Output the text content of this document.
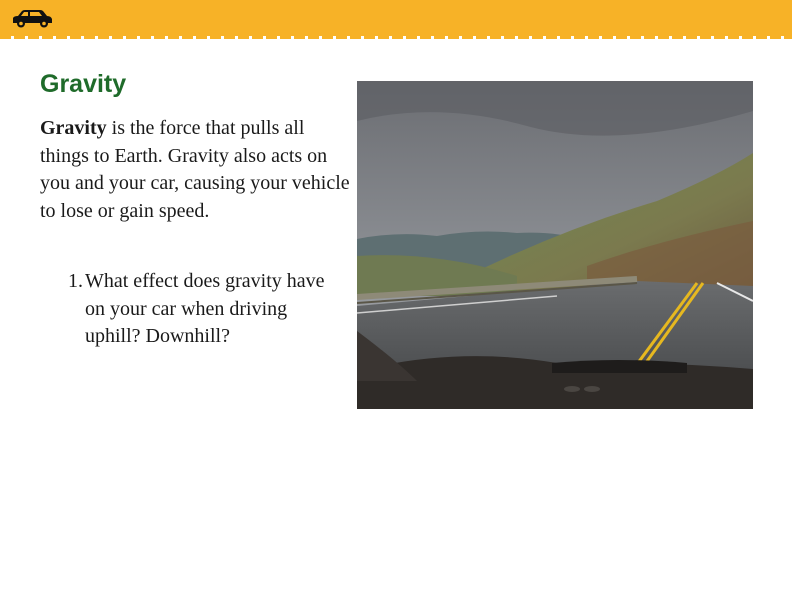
Gravity

Gravity is the force that pulls all things to Earth. Gravity also acts on you and your car, causing your vehicle to lose or gain speed.

1. What effect does gravity have on your car when driving uphill? Downhill?
